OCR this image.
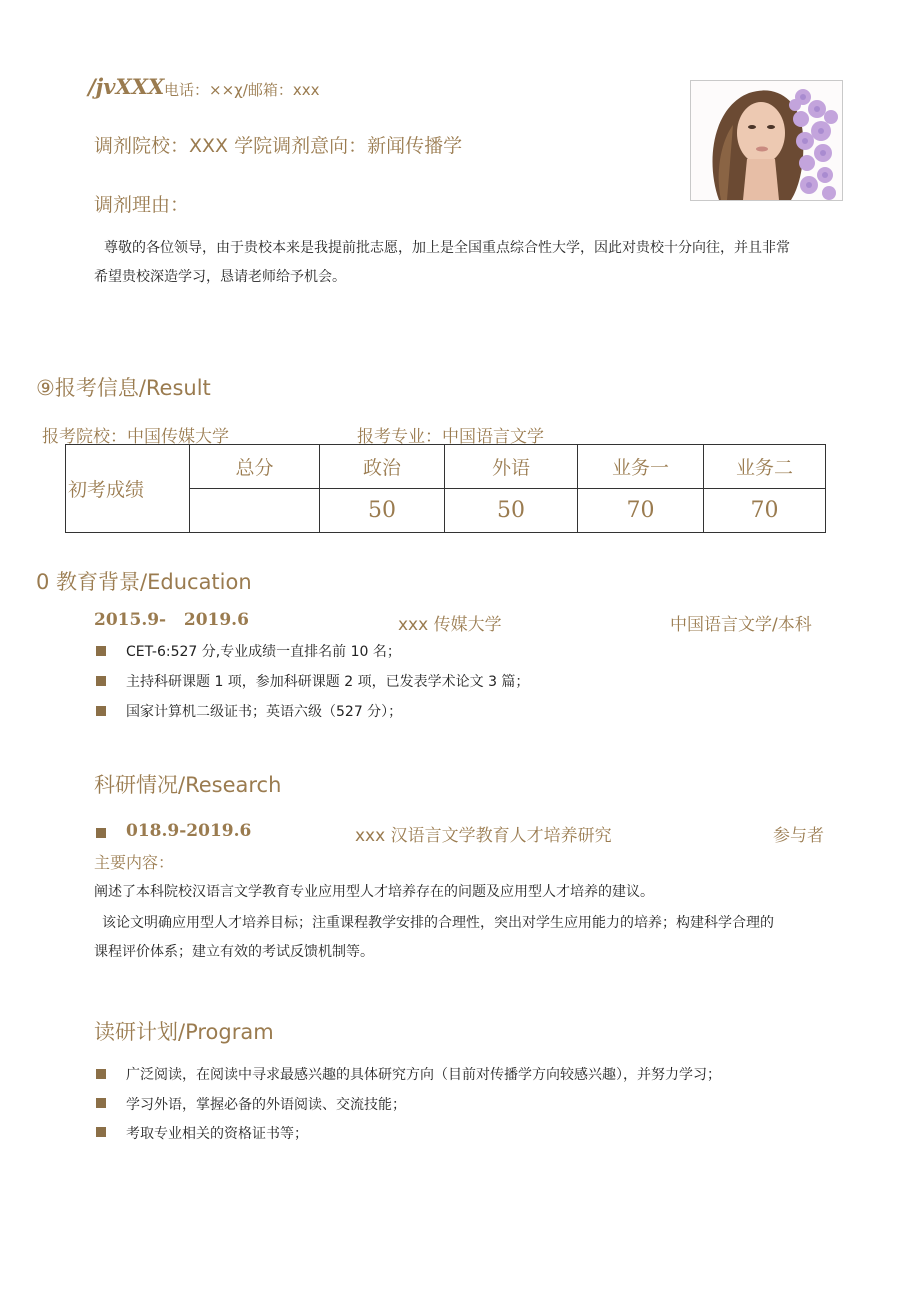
/jvXXX 电话：××χ/邮箱：xxx
调剂院校：XXX 学院调剂意向：新闻传播学
调剂理由：
尊敬的各位领导，由于贵校本来是我提前批志愿，加上是全国重点综合性大学，因此对贵校十分向往，并且非常
希望贵校深造学习，恳请老师给予机会。
⑨报考信息/Result
报考院校：中国传媒大学	报考专业：中国语言文学
初考成绩	总分	政治	外语	业务一	业务二
		50	50	70	70
0 教育背景/Education
2015.9-   2019.6	xxx 传媒大学	中国语言文学/本科
CET-6:527 分,专业成绩一直排名前 10 名；
主持科研课题 1 项，参加科研课题 2 项，已发表学术论文 3 篇；
国家计算机二级证书；英语六级（527 分）；
科研情况/Research
018.9-2019.6	xxx 汉语言文学教育人才培养研究	参与者
主要内容：
阐述了本科院校汉语言文学教育专业应用型人才培养存在的问题及应用型人才培养的建议。
该论文明确应用型人才培养目标；注重课程教学安排的合理性，突出对学生应用能力的培养；构建科学合理的
课程评价体系；建立有效的考试反馈机制等。
读研计划/Program
广泛阅读，在阅读中寻求最感兴趣的具体研究方向（目前对传播学方向较感兴趣），并努力学习；
学习外语，掌握必备的外语阅读、交流技能；
考取专业相关的资格证书等；
